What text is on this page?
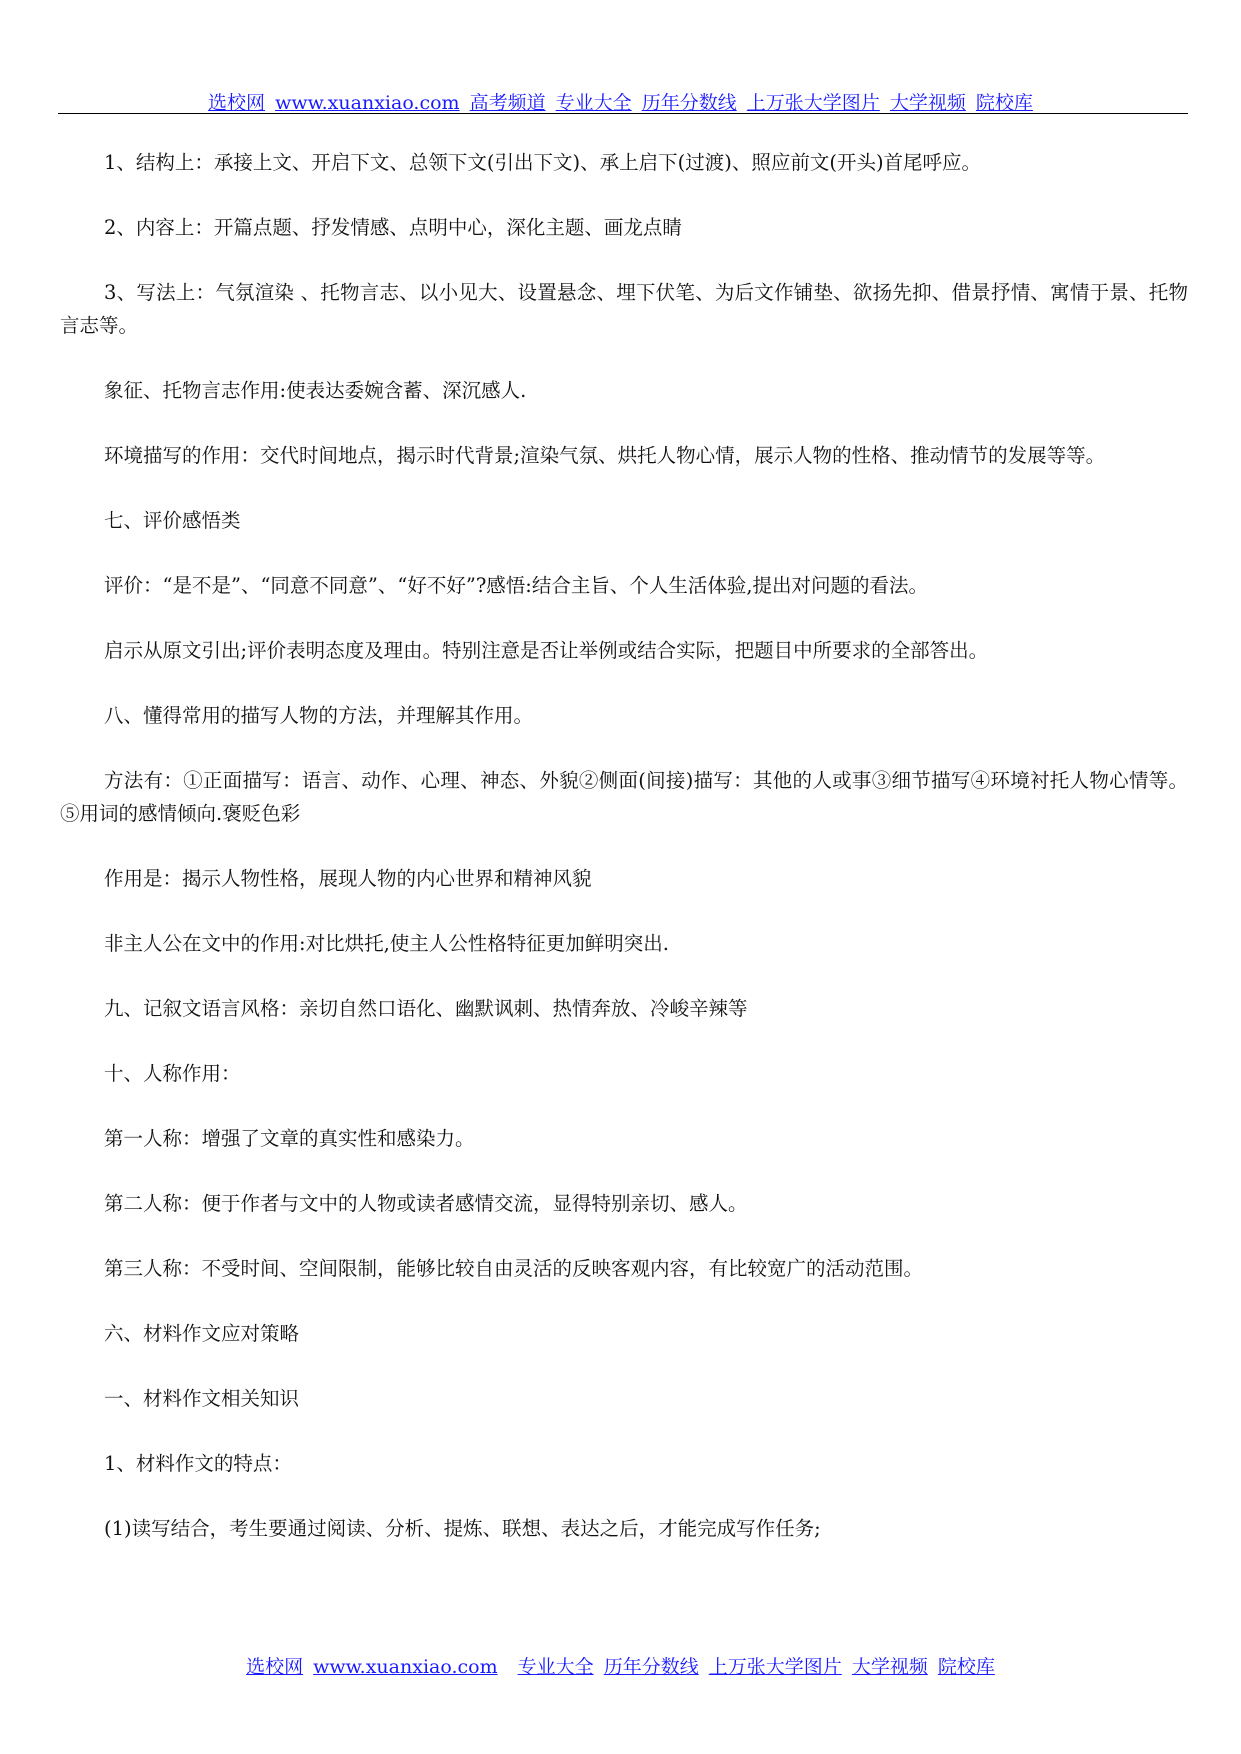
选校网 www.xuanxiao.com 高考频道 专业大全 历年分数线 上万张大学图片 大学视频 院校库

1、结构上：承接上文、开启下文、总领下文(引出下文)、承上启下(过渡)、照应前文(开头)首尾呼应。

2、内容上：开篇点题、抒发情感、点明中心，深化主题、画龙点睛

3、写法上：气氛渲染 、托物言志、以小见大、设置悬念、埋下伏笔、为后文作铺垫、欲扬先抑、借景抒情、寓情于景、托物言志等。

象征、托物言志作用:使表达委婉含蓄、深沉感人.

环境描写的作用：交代时间地点，揭示时代背景;渲染气氛、烘托人物心情，展示人物的性格、推动情节的发展等等。

七、评价感悟类

评价：“是不是”、“同意不同意”、“好不好”?感悟:结合主旨、个人生活体验,提出对问题的看法。

启示从原文引出;评价表明态度及理由。特别注意是否让举例或结合实际，把题目中所要求的全部答出。

八、懂得常用的描写人物的方法，并理解其作用。

方法有：①正面描写：语言、动作、心理、神态、外貌②侧面(间接)描写：其他的人或事③细节描写④环境衬托人物心情等。⑤用词的感情倾向.褒贬色彩

作用是：揭示人物性格，展现人物的内心世界和精神风貌

非主人公在文中的作用:对比烘托,使主人公性格特征更加鲜明突出.

九、记叙文语言风格：亲切自然口语化、幽默讽刺、热情奔放、冷峻辛辣等

十、人称作用：

第一人称：增强了文章的真实性和感染力。

第二人称：便于作者与文中的人物或读者感情交流，显得特别亲切、感人。

第三人称：不受时间、空间限制，能够比较自由灵活的反映客观内容，有比较宽广的活动范围。

六、材料作文应对策略

一、材料作文相关知识

1、材料作文的特点：

(1)读写结合，考生要通过阅读、分析、提炼、联想、表达之后，才能完成写作任务;

选校网 www.xuanxiao.com 专业大全 历年分数线 上万张大学图片 大学视频 院校库
